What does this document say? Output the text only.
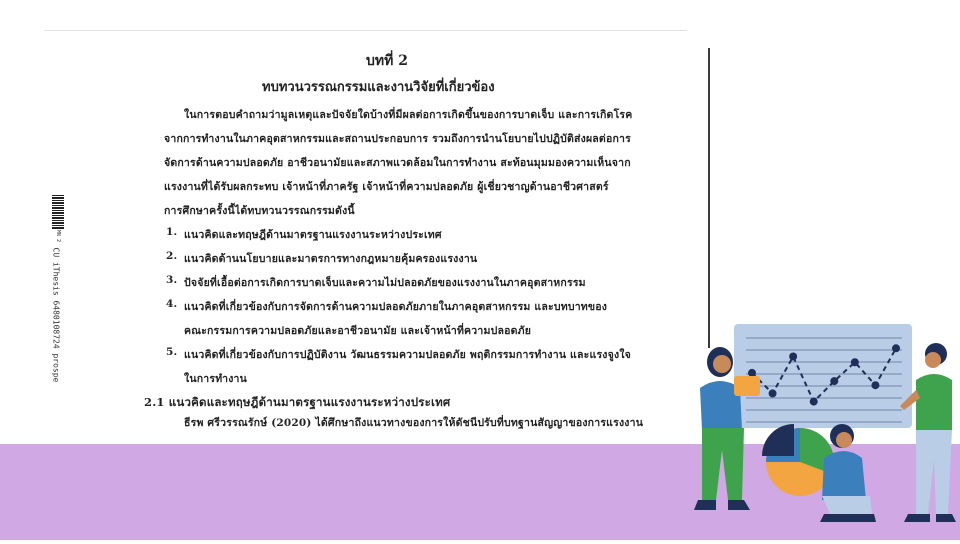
บทที่ 2
ทบทวนวรรณกรรมและงานวิจัยที่เกี่ยวข้อง
ในการตอบคำถามว่ามูลเหตุและปัจจัยใดบ้างที่มีผลต่อการเกิดขึ้นของการบาดเจ็บ และการเกิดโรค
จากการทำงานในภาคอุตสาหกรรมและสถานประกอบการ รวมถึงการนำนโยบายไปปฏิบัติส่งผลต่อการ
จัดการด้านความปลอดภัย อาชีวอนามัยและสภาพแวดล้อมในการทำงาน สะท้อนมุมมองความเห็นจาก
แรงงานที่ได้รับผลกระทบ เจ้าหน้าที่ภาครัฐ เจ้าหน้าที่ความปลอดภัย ผู้เชี่ยวชาญด้านอาชีวศาสตร์
การศึกษาครั้งนี้ได้ทบทวนวรรณกรรมดังนี้
1. แนวคิดและทฤษฎีด้านมาตรฐานแรงงานระหว่างประเทศ
2. แนวคิดด้านนโยบายและมาตรการทางกฎหมายคุ้มครองแรงงาน
3. ปัจจัยที่เอื้อต่อการเกิดการบาดเจ็บและความไม่ปลอดภัยของแรงงานในภาคอุตสาหกรรม
4. แนวคิดที่เกี่ยวข้องกับการจัดการด้านความปลอดภัยภายในภาคอุตสาหกรรม และบทบาทของ
คณะกรรมการความปลอดภัยและอาชีวอนามัย และเจ้าหน้าที่ความปลอดภัย
5. แนวคิดที่เกี่ยวข้องกับการปฏิบัติงาน วัฒนธรรมความปลอดภัย พฤติกรรมการทำงาน และแรงจูงใจ
ในการทำงาน
2.1 แนวคิดและทฤษฎีด้านมาตรฐานแรงงานระหว่างประเทศ
ธีรพ ศรีวรรณรักษ์ (2020) ได้ศึกษาถึงแนวทางของการให้ดัชนีปรับที่บทฐานสัญญาของการแรงงาน
MN 2
CU iThesis 6480108724 prospe
